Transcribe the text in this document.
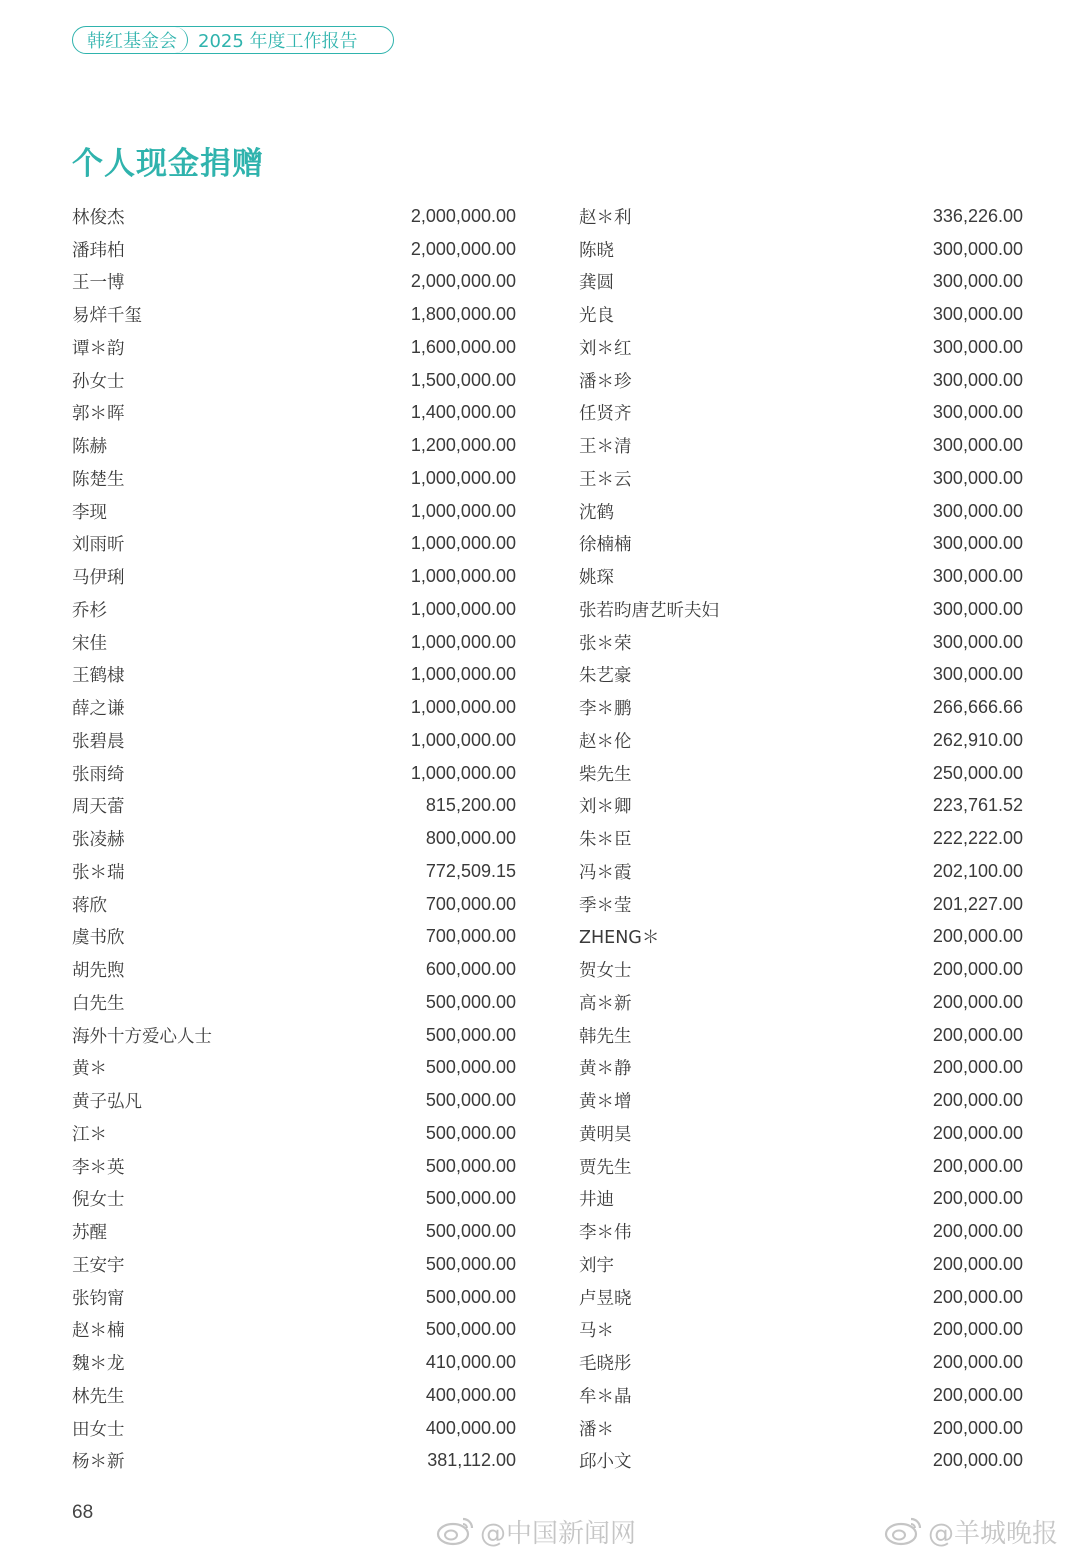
韩红基金会	2025 年度工作报告
个人现金捐赠
林俊杰	2,000,000.00
潘玮柏	2,000,000.00
王一博	2,000,000.00
易烊千玺	1,800,000.00
谭＊韵	1,600,000.00
孙女士	1,500,000.00
郭＊晖	1,400,000.00
陈赫	1,200,000.00
陈楚生	1,000,000.00
李现	1,000,000.00
刘雨昕	1,000,000.00
马伊琍	1,000,000.00
乔杉	1,000,000.00
宋佳	1,000,000.00
王鹤棣	1,000,000.00
薛之谦	1,000,000.00
张碧晨	1,000,000.00
张雨绮	1,000,000.00
周天蕾	815,200.00
张凌赫	800,000.00
张＊瑞	772,509.15
蒋欣	700,000.00
虞书欣	700,000.00
胡先煦	600,000.00
白先生	500,000.00
海外十方爱心人士	500,000.00
黄＊	500,000.00
黄子弘凡	500,000.00
江＊	500,000.00
李＊英	500,000.00
倪女士	500,000.00
苏醒	500,000.00
王安宇	500,000.00
张钧甯	500,000.00
赵＊楠	500,000.00
魏＊龙	410,000.00
林先生	400,000.00
田女士	400,000.00
杨＊新	381,112.00
赵＊利	336,226.00
陈晓	300,000.00
龚圆	300,000.00
光良	300,000.00
刘＊红	300,000.00
潘＊珍	300,000.00
任贤齐	300,000.00
王＊清	300,000.00
王＊云	300,000.00
沈鹤	300,000.00
徐楠楠	300,000.00
姚琛	300,000.00
张若昀唐艺昕夫妇	300,000.00
张＊荣	300,000.00
朱艺豪	300,000.00
李＊鹏	266,666.66
赵＊伦	262,910.00
柴先生	250,000.00
刘＊卿	223,761.52
朱＊臣	222,222.00
冯＊霞	202,100.00
季＊莹	201,227.00
ZHENG＊	200,000.00
贺女士	200,000.00
高＊新	200,000.00
韩先生	200,000.00
黄＊静	200,000.00
黄＊增	200,000.00
黄明昊	200,000.00
贾先生	200,000.00
井迪	200,000.00
李＊伟	200,000.00
刘宇	200,000.00
卢昱晓	200,000.00
马＊	200,000.00
毛晓彤	200,000.00
牟＊晶	200,000.00
潘＊	200,000.00
邱小文	200,000.00
68
@中国新闻网	@羊城晚报
